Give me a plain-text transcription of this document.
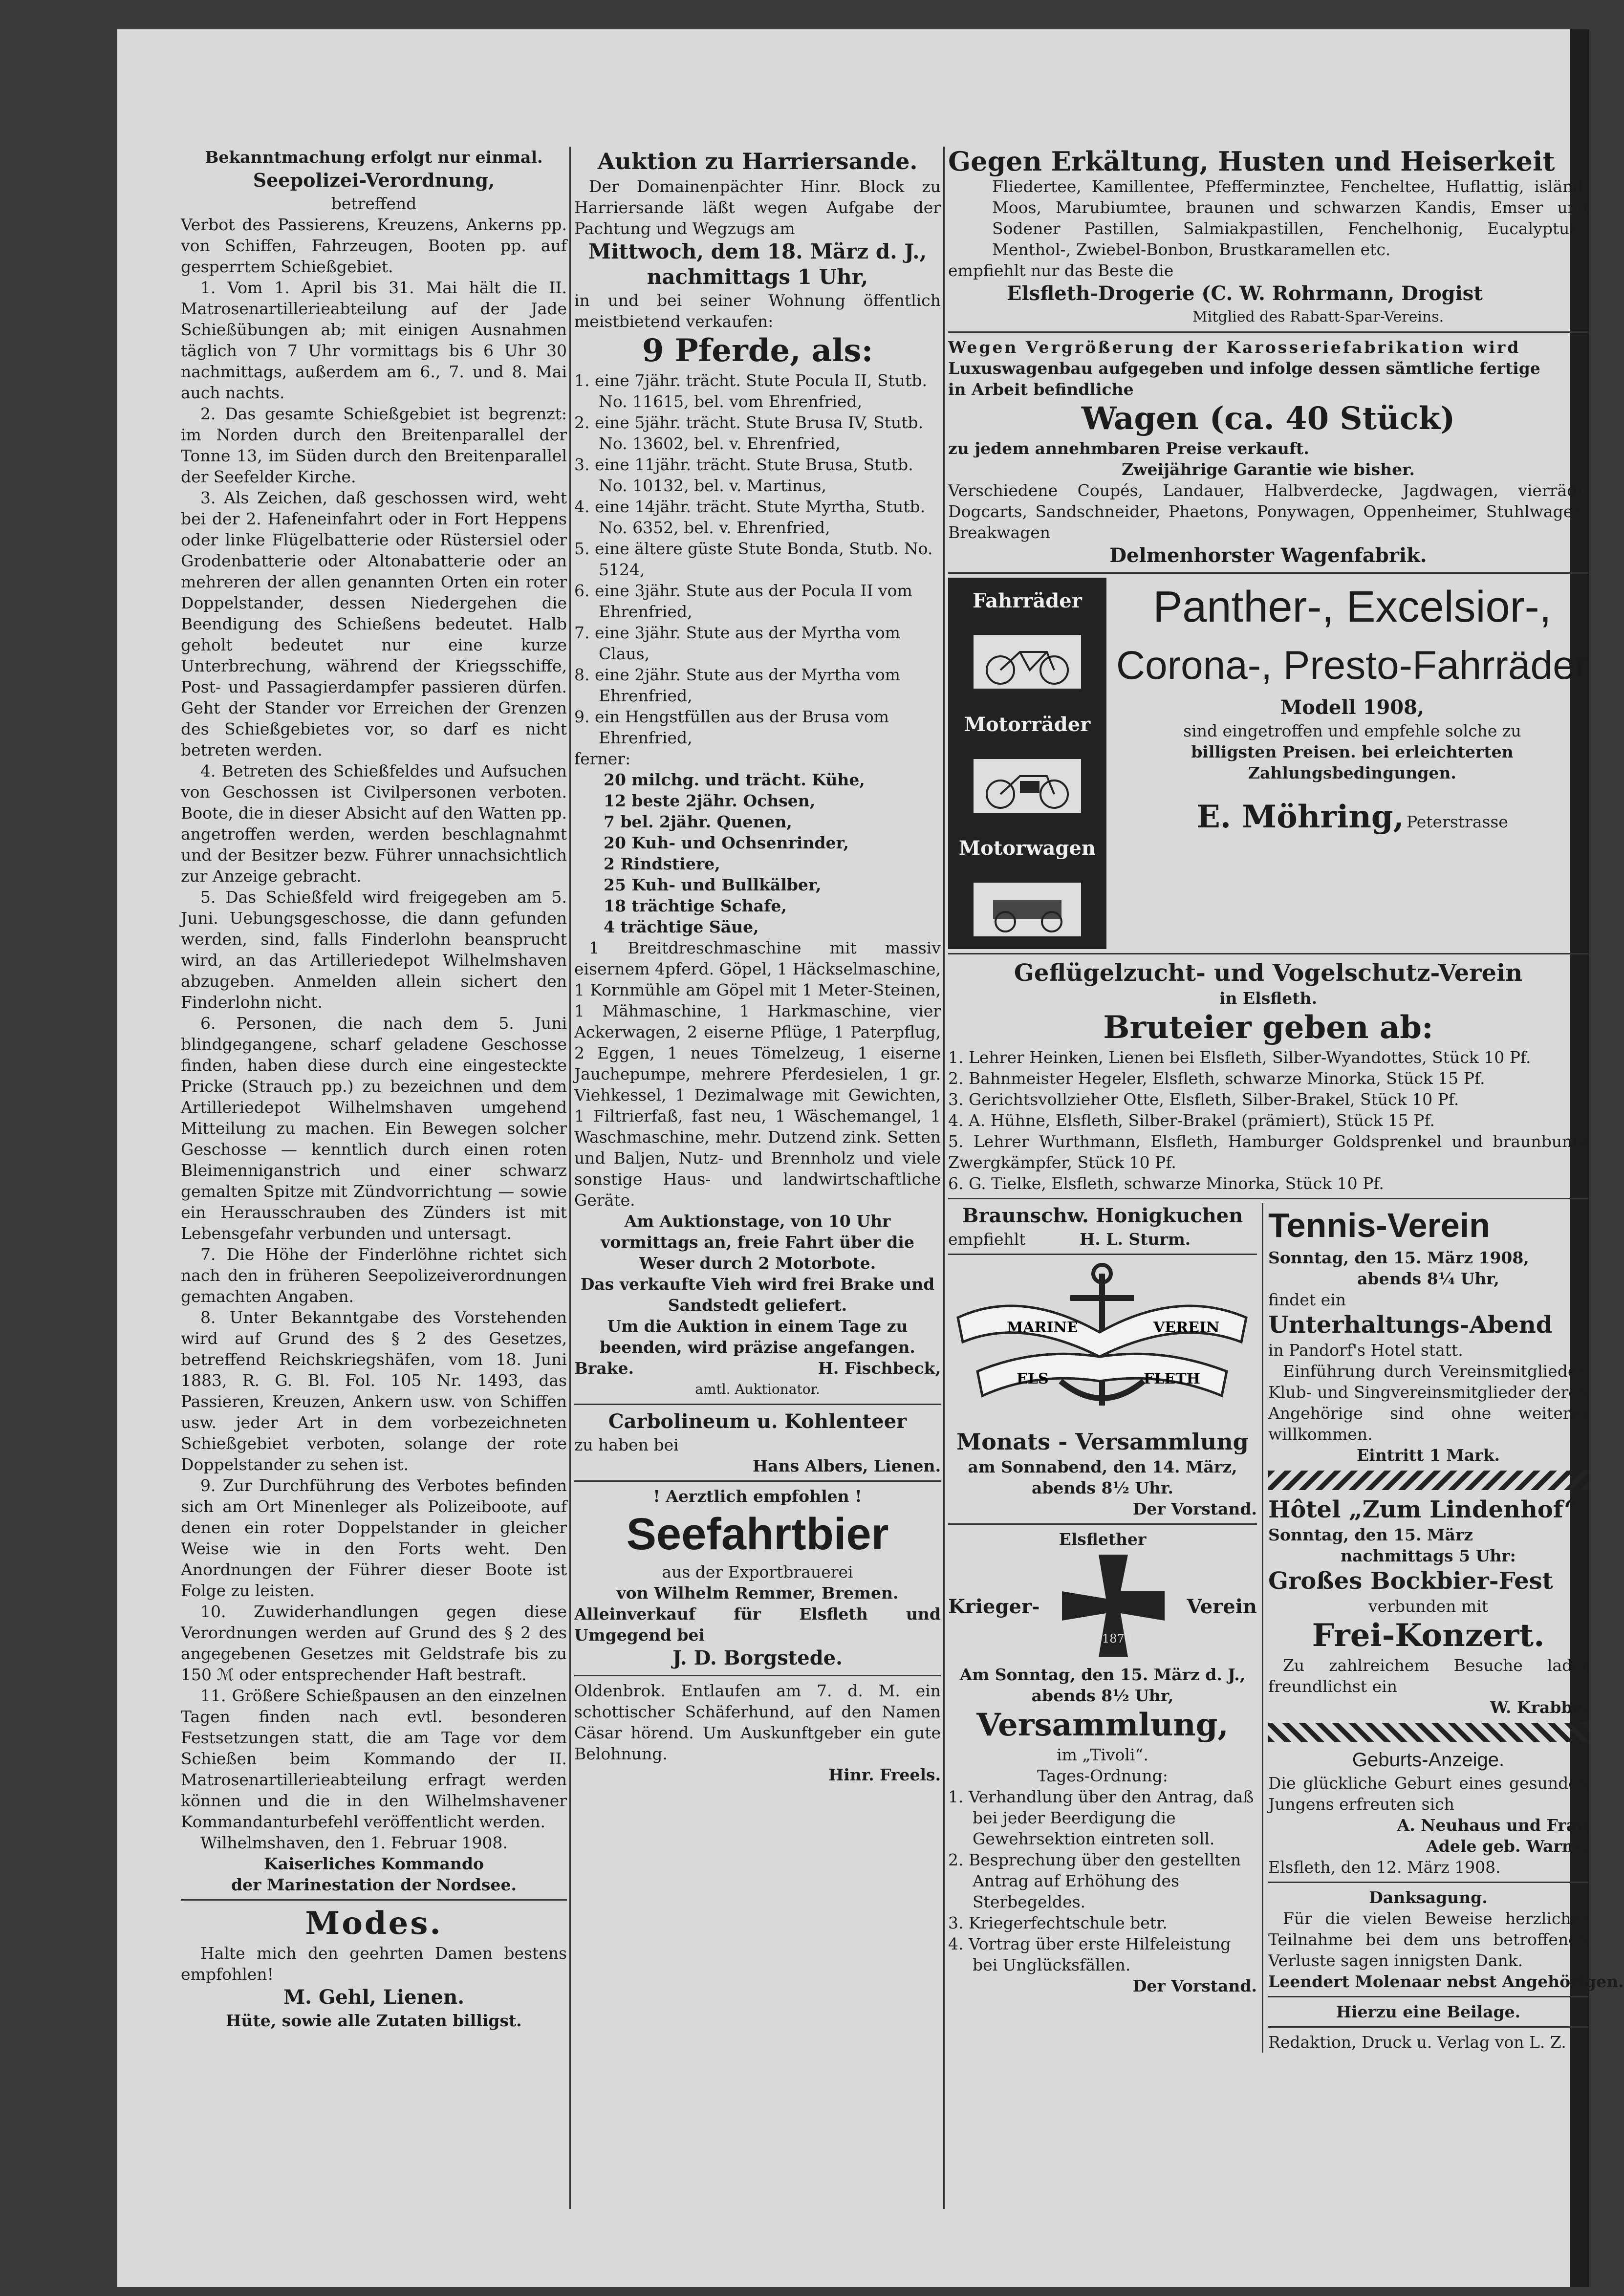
Bekanntmachung erfolgt nur einmal.

Seepolizei-Verordnung,

betreffend

Verbot des Passierens, Kreuzens, Ankerns pp. von Schiffen, Fahrzeugen, Booten pp. auf gesperrtem Schießgebiet.

1. Vom 1. April bis 31. Mai hält die II. Matrosenartillerieabteilung auf der Jade Schießübungen ab; mit einigen Ausnahmen täglich von 7 Uhr vormittags bis 6 Uhr 30 nachmittags, außerdem am 6., 7. und 8. Mai auch nachts.

2. Das gesamte Schießgebiet ist begrenzt: im Norden durch den Breitenparallel der Tonne 13, im Süden durch den Breitenparallel der Seefelder Kirche.

3. Als Zeichen, daß geschossen wird, weht bei der 2. Hafeneinfahrt oder in Fort Heppens oder linke Flügelbatterie oder Rüstersiel oder Grodenbatterie oder Altonabatterie oder an mehreren der allen genannten Orten ein roter Doppelstander, dessen Niedergehen die Beendigung des Schießens bedeutet. Halb geholt bedeutet nur eine kurze Unterbrechung, während der Kriegsschiffe, Post- und Passagierdampfer passieren dürfen. Geht der Stander vor Erreichen der Grenzen des Schießgebietes vor, so darf es nicht betreten werden.

4. Betreten des Schießfeldes und Aufsuchen von Geschossen ist Civilpersonen verboten. Boote, die in dieser Absicht auf den Watten pp. angetroffen werden, werden beschlagnahmt und der Besitzer bezw. Führer unnachsichtlich zur Anzeige gebracht.

5. Das Schießfeld wird freigegeben am 5. Juni. Uebungsgeschosse, die dann gefunden werden, sind, falls Finderlohn beansprucht wird, an das Artilleriedepot Wilhelmshaven abzugeben. Anmelden allein sichert den Finderlohn nicht.

6. Personen, die nach dem 5. Juni blindgegangene, scharf geladene Geschosse finden, haben diese durch eine eingesteckte Pricke (Strauch pp.) zu bezeichnen und dem Artilleriedepot Wilhelmshaven umgehend Mitteilung zu machen. Ein Bewegen solcher Geschosse — kenntlich durch einen roten Bleimenniganstrich und einer schwarz gemalten Spitze mit Zündvorrichtung — sowie ein Herausschrauben des Zünders ist mit Lebensgefahr verbunden und untersagt.

7. Die Höhe der Finderlöhne richtet sich nach den in früheren Seepolizeiverordnungen gemachten Angaben.

8. Unter Bekanntgabe des Vorstehenden wird auf Grund des § 2 des Gesetzes, betreffend Reichskriegshäfen, vom 18. Juni 1883, R. G. Bl. Fol. 105 Nr. 1493, das Passieren, Kreuzen, Ankern usw. von Schiffen usw. jeder Art in dem vorbezeichneten Schießgebiet verboten, solange der rote Doppelstander zu sehen ist.

9. Zur Durchführung des Verbotes befinden sich am Ort Minenleger als Polizeiboote, auf denen ein roter Doppelstander in gleicher Weise wie in den Forts weht. Den Anordnungen der Führer dieser Boote ist Folge zu leisten.

10. Zuwiderhandlungen gegen diese Verordnungen werden auf Grund des § 2 des angegebenen Gesetzes mit Geldstrafe bis zu 150 ℳ oder entsprechender Haft bestraft.

11. Größere Schießpausen an den einzelnen Tagen finden nach evtl. besonderen Festsetzungen statt, die am Tage vor dem Schießen beim Kommando der II. Matrosenartillerieabteilung erfragt werden können und die in den Wilhelmshavener Kommandanturbefehl veröffentlicht werden.

Wilhelmshaven, den 1. Februar 1908.

Kaiserliches Kommando

der Marinestation der Nordsee.

Modes.

Halte mich den geehrten Damen bestens empfohlen!

M. Gehl, Lienen.

Hüte, sowie alle Zutaten billigst.

Auktion zu Harriersande.

Der Domainenpächter Hinr. Block zu Harriersande läßt wegen Aufgabe der Pachtung und Wegzugs am

Mittwoch, dem 18. März d. J.,

nachmittags 1 Uhr,

in und bei seiner Wohnung öffentlich meistbietend verkaufen:

9 Pferde, als:

1. eine 7jähr. trächt. Stute Pocula II, Stutb. No. 11615, bel. vom Ehrenfried,

2. eine 5jähr. trächt. Stute Brusa IV, Stutb. No. 13602, bel. v. Ehrenfried,

3. eine 11jähr. trächt. Stute Brusa, Stutb. No. 10132, bel. v. Martinus,

4. eine 14jähr. trächt. Stute Myrtha, Stutb. No. 6352, bel. v. Ehrenfried,

5. eine ältere güste Stute Bonda, Stutb. No. 5124,

6. eine 3jähr. Stute aus der Pocula II vom Ehrenfried,

7. eine 3jähr. Stute aus der Myrtha vom Claus,

8. eine 2jähr. Stute aus der Myrtha vom Ehrenfried,

9. ein Hengstfüllen aus der Brusa vom Ehrenfried,

ferner:

20 milchg. und trächt. Kühe,

12 beste 2jähr. Ochsen,

7 bel. 2jähr. Quenen,

20 Kuh- und Ochsenrinder,

2 Rindstiere,

25 Kuh- und Bullkälber,

18 trächtige Schafe,

4 trächtige Säue,

1 Breitdreschmaschine mit massiv eisernem 4pferd. Göpel, 1 Häckselmaschine, 1 Kornmühle am Göpel mit 1 Meter-Steinen, 1 Mähmaschine, 1 Harkmaschine, vier Ackerwagen, 2 eiserne Pflüge, 1 Paterpflug, 2 Eggen, 1 neues Tömelzeug, 1 eiserne Jauchepumpe, mehrere Pferdesielen, 1 gr. Viehkessel, 1 Dezimalwage mit Gewichten, 1 Filtrierfaß, fast neu, 1 Wäschemangel, 1 Waschmaschine, mehr. Dutzend zink. Setten und Baljen, Nutz- und Brennholz und viele sonstige Haus- und landwirtschaftliche Geräte.

Am Auktionstage, von 10 Uhr vormittags an, freie Fahrt über die Weser durch 2 Motorbote.

Das verkaufte Vieh wird frei Brake und Sandstedt geliefert.

Um die Auktion in einem Tage zu beenden, wird präzise angefangen.

Brake.	H. Fischbeck,

amtl. Auktionator.

Carbolineum u. Kohlenteer

zu haben bei

Hans Albers, Lienen.

! Aerztlich empfohlen !

Seefahrtbier

aus der Exportbrauerei

von Wilhelm Remmer, Bremen.

Alleinverkauf für Elsfleth und Umgegend bei

J. D. Borgstede.

Oldenbrok. Entlaufen am 7. d. M. ein schottischer Schäferhund, auf den Namen Cäsar hörend. Um Auskunftgeber ein gute Belohnung.

Hinr. Freels.

Gegen Erkältung, Husten und Heiserkeit

Fliedertee, Kamillentee, Pfefferminztee, Fencheltee, Huflattig, isländ. Moos, Marubiumtee, braunen und schwarzen Kandis, Emser und Sodener Pastillen, Salmiakpastillen, Fenchelhonig, Eucalyptus-, Menthol-, Zwiebel-Bonbon, Brustkaramellen etc.

empfiehlt nur das Beste die

Elsfleth-Drogerie (C. W. Rohrmann, Drogist

Mitglied des Rabatt-Spar-Vereins.

Wegen Vergrößerung der Karosseriefabrikation wird

Luxuswagenbau aufgegeben und infolge dessen sämtliche fertige

in Arbeit befindliche

Wagen (ca. 40 Stück)

zu jedem annehmbaren Preise verkauft.

Zweijährige Garantie wie bisher.

Verschiedene Coupés, Landauer, Halbverdecke, Jagdwagen, vierrädr. Dogcarts, Sandschneider, Phaetons, Ponywagen, Oppenheimer, Stuhlwagen, Breakwagen

Delmenhorster Wagenfabrik.

Fahrräder
Motorräder
Motorwagen

Panther-, Excelsior-,

Corona-, Presto-Fahrräder

Modell 1908,

sind eingetroffen und empfehle solche zu

billigsten Preisen. bei erleichterten

Zahlungsbedingungen.

E. Möhring, Peterstrasse

Geflügelzucht- und Vogelschutz-Verein

in Elsfleth.

Bruteier geben ab:

1. Lehrer Heinken, Lienen bei Elsfleth, Silber-Wyandottes, Stück 10 Pf.

2. Bahnmeister Hegeler, Elsfleth, schwarze Minorka, Stück 15 Pf.

3. Gerichtsvollzieher Otte, Elsfleth, Silber-Brakel, Stück 10 Pf.

4. A. Hühne, Elsfleth, Silber-Brakel (prämiert), Stück 15 Pf.

5. Lehrer Wurthmann, Elsfleth, Hamburger Goldsprenkel und braunbunte Zwergkämpfer, Stück 10 Pf.

6. G. Tielke, Elsfleth, schwarze Minorka, Stück 10 Pf.

Braunschw. Honigkuchen

empfiehlt	H. L. Sturm.

MARINE	VEREIN
ELS	FLETH

Monats - Versammlung

am Sonnabend, den 14. März,

abends 8½ Uhr.

Der Vorstand.

Elsflether

Krieger-
1870
Verein

Am Sonntag, den 15. März d. J.,

abends 8½ Uhr,

Versammlung,

im „Tivoli“.

Tages-Ordnung:

1. Verhandlung über den Antrag, daß bei jeder Beerdigung die Gewehrsektion eintreten soll.

2. Besprechung über den gestellten Antrag auf Erhöhung des Sterbegeldes.

3. Kriegerfechtschule betr.

4. Vortrag über erste Hilfeleistung bei Unglücksfällen.

Der Vorstand.

Tennis-Verein

Sonntag, den 15. März 1908,

abends 8¼ Uhr,

findet ein

Unterhaltungs-Abend

in Pandorf's Hotel statt.

Einführung durch Vereinsmitglieder, Klub- und Singvereinsmitglieder deren Angehörige sind ohne weiteres willkommen.

Eintritt 1 Mark.

Hôtel „Zum Lindenhof“

Sonntag, den 15. März

nachmittags 5 Uhr:

Großes Bockbier-Fest

verbunden mit

Frei-Konzert.

Zu zahlreichem Besuche ladet freundlichst ein

W. Krabbe.

Geburts-Anzeige.

Die glückliche Geburt eines gesunden Jungens erfreuten sich

A. Neuhaus und Frau

Adele geb. Warns.

Elsfleth, den 12. März 1908.

Danksagung.

Für die vielen Beweise herzlicher Teilnahme bei dem uns betroffenen Verluste sagen innigsten Dank.

Leendert Molenaar nebst Angehörigen.

Hierzu eine Beilage.

Redaktion, Druck u. Verlag von L. Z.
